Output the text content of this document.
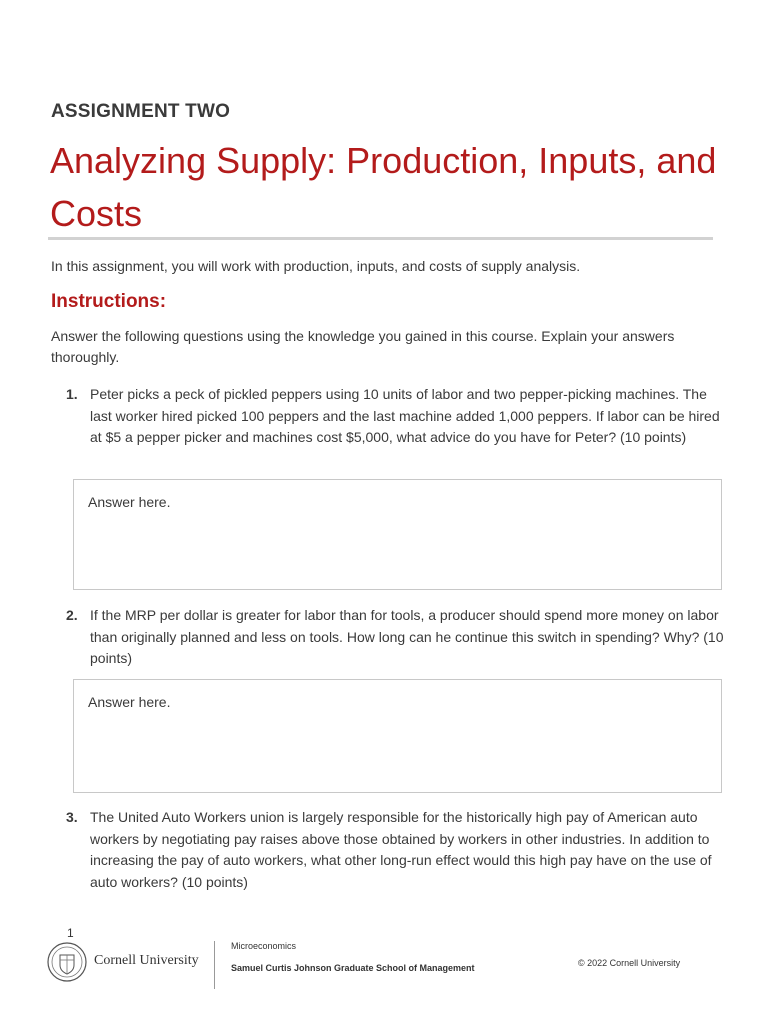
ASSIGNMENT TWO
Analyzing Supply: Production, Inputs, and Costs
In this assignment, you will work with production, inputs, and costs of supply analysis.
Instructions:
Answer the following questions using the knowledge you gained in this course. Explain your answers thoroughly.
1. Peter picks a peck of pickled peppers using 10 units of labor and two pepper-picking machines. The last worker hired picked 100 peppers and the last machine added 1,000 peppers. If labor can be hired at $5 a pepper picker and machines cost $5,000, what advice do you have for Peter? (10 points)
Answer here.
2. If the MRP per dollar is greater for labor than for tools, a producer should spend more money on labor than originally planned and less on tools. How long can he continue this switch in spending? Why? (10 points)
Answer here.
3. The United Auto Workers union is largely responsible for the historically high pay of American auto workers by negotiating pay raises above those obtained by workers in other industries. In addition to increasing the pay of auto workers, what other long-run effect would this high pay have on the use of auto workers? (10 points)
1
Cornell University
Microeconomics
Samuel Curtis Johnson Graduate School of Management	© 2022 Cornell University
